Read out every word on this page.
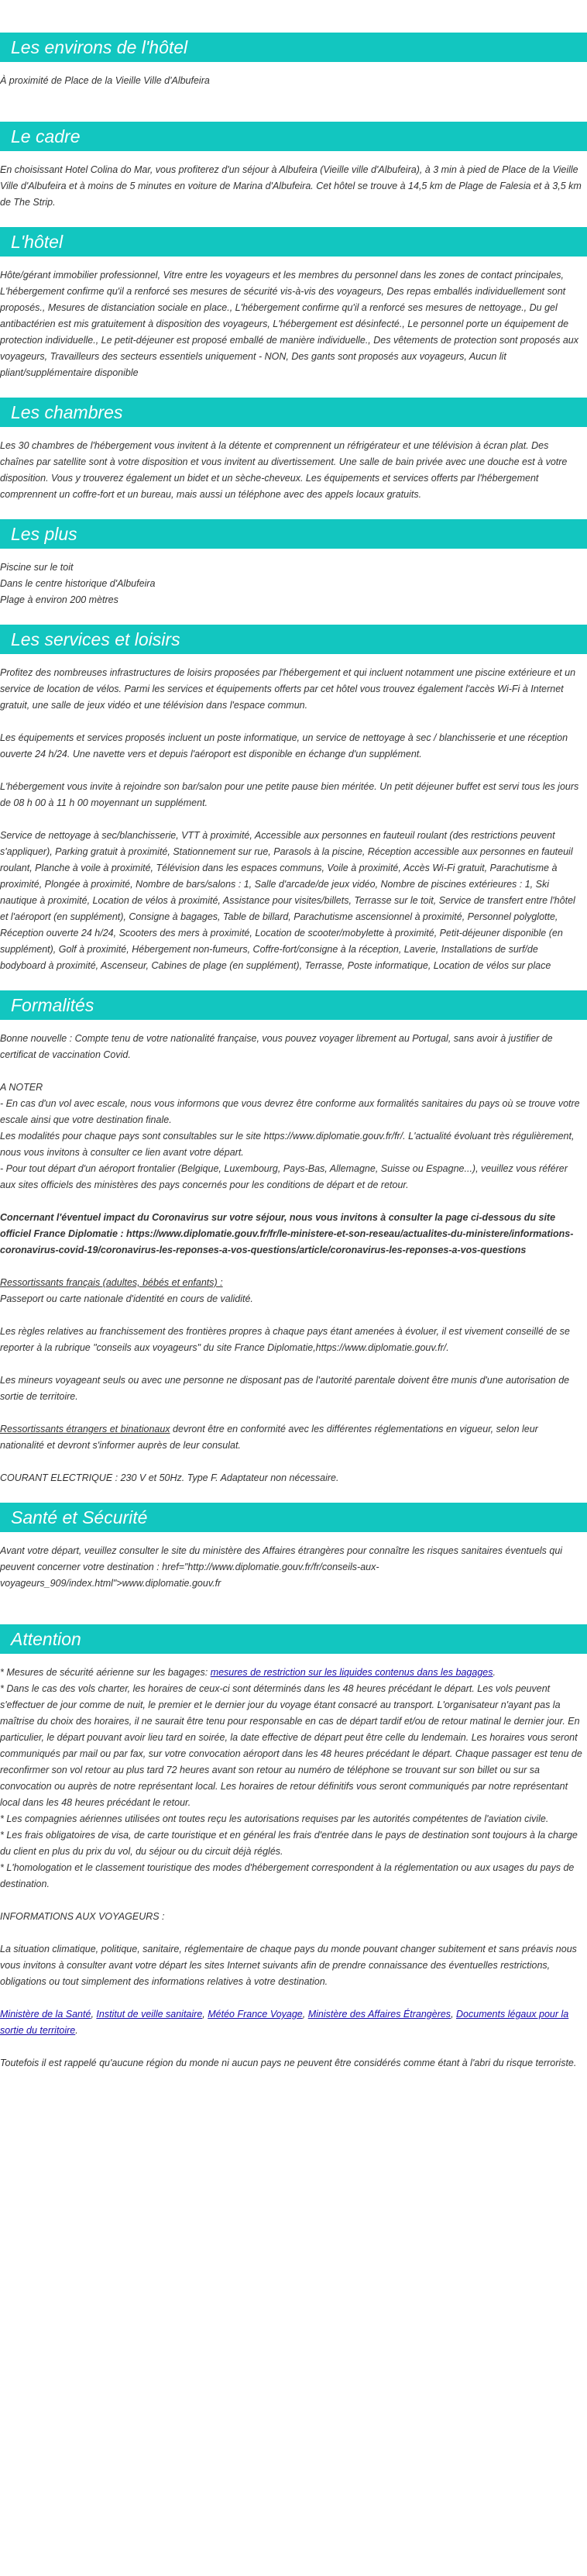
Les environs de l'hôtel

À proximité de Place de la Vieille Ville d'Albufeira

Le cadre

En choisissant Hotel Colina do Mar, vous profiterez d'un séjour à Albufeira (Vieille ville d'Albufeira), à 3 min à pied de Place de la Vieille Ville d'Albufeira et à moins de 5 minutes en voiture de Marina d'Albufeira. Cet hôtel se trouve à 14,5 km de Plage de Falesia et à 3,5 km de The Strip.

L'hôtel

Hôte/gérant immobilier professionnel, Vitre entre les voyageurs et les membres du personnel dans les zones de contact principales, L'hébergement confirme qu'il a renforcé ses mesures de sécurité vis-à-vis des voyageurs, Des repas emballés individuellement sont proposés., Mesures de distanciation sociale en place., L'hébergement confirme qu'il a renforcé ses mesures de nettoyage., Du gel antibactérien est mis gratuitement à disposition des voyageurs, L'hébergement est désinfecté., Le personnel porte un équipement de protection individuelle., Le petit-déjeuner est proposé emballé de manière individuelle., Des vêtements de protection sont proposés aux voyageurs, Travailleurs des secteurs essentiels uniquement - NON, Des gants sont proposés aux voyageurs, Aucun lit pliant/supplémentaire disponible

Les chambres

Les 30 chambres de l'hébergement vous invitent à la détente et comprennent un réfrigérateur et une télévision à écran plat. Des chaînes par satellite sont à votre disposition et vous invitent au divertissement. Une salle de bain privée avec une douche est à votre disposition. Vous y trouverez également un bidet et un sèche-cheveux. Les équipements et services offerts par l'hébergement comprennent un coffre-fort et un bureau, mais aussi un téléphone avec des appels locaux gratuits.

Les plus

Piscine sur le toit

Dans le centre historique d'Albufeira

Plage à environ 200 mètres

Les services et loisirs

Profitez des nombreuses infrastructures de loisirs proposées par l'hébergement et qui incluent notamment une piscine extérieure et un service de location de vélos. Parmi les services et équipements offerts par cet hôtel vous trouvez également l'accès Wi-Fi à Internet gratuit, une salle de jeux vidéo et une télévision dans l'espace commun.

Les équipements et services proposés incluent un poste informatique, un service de nettoyage à sec / blanchisserie et une réception ouverte 24 h/24. Une navette vers et depuis l'aéroport est disponible en échange d'un supplément.

L'hébergement vous invite à rejoindre son bar/salon pour une petite pause bien méritée. Un petit déjeuner buffet est servi tous les jours de 08 h 00 à 11 h 00 moyennant un supplément.

Service de nettoyage à sec/blanchisserie, VTT à proximité, Accessible aux personnes en fauteuil roulant (des restrictions peuvent s'appliquer), Parking gratuit à proximité, Stationnement sur rue, Parasols à la piscine, Réception accessible aux personnes en fauteuil roulant, Planche à voile à proximité, Télévision dans les espaces communs, Voile à proximité, Accès Wi-Fi gratuit, Parachutisme à proximité, Plongée à proximité, Nombre de bars/salons : 1, Salle d'arcade/de jeux vidéo, Nombre de piscines extérieures : 1, Ski nautique à proximité, Location de vélos à proximité, Assistance pour visites/billets, Terrasse sur le toit, Service de transfert entre l'hôtel et l'aéroport (en supplément), Consigne à bagages, Table de billard, Parachutisme ascensionnel à proximité, Personnel polyglotte, Réception ouverte 24 h/24, Scooters des mers à proximité, Location de scooter/mobylette à proximité, Petit-déjeuner disponible (en supplément), Golf à proximité, Hébergement non-fumeurs, Coffre-fort/consigne à la réception, Laverie, Installations de surf/de bodyboard à proximité, Ascenseur, Cabines de plage (en supplément), Terrasse, Poste informatique, Location de vélos sur place

Formalités

Bonne nouvelle : Compte tenu de votre nationalité française, vous pouvez voyager librement au Portugal, sans avoir à justifier de certificat de vaccination Covid.

A NOTER

- En cas d'un vol avec escale, nous vous informons que vous devrez être conforme aux formalités sanitaires du pays où se trouve votre escale ainsi que votre destination finale.

Les modalités pour chaque pays sont consultables sur le site https://www.diplomatie.gouv.fr/fr/. L'actualité évoluant très régulièrement, nous vous invitons à consulter ce lien avant votre départ.

- Pour tout départ d'un aéroport frontalier (Belgique, Luxembourg, Pays-Bas, Allemagne, Suisse ou Espagne...), veuillez vous référer aux sites officiels des ministères des pays concernés pour les conditions de départ et de retour.

Concernant l'éventuel impact du Coronavirus sur votre séjour, nous vous invitons à consulter la page ci-dessous du site officiel France Diplomatie : https://www.diplomatie.gouv.fr/fr/le-ministere-et-son-reseau/actualites-du-ministere/informations-coronavirus-covid-19/coronavirus-les-reponses-a-vos-questions/article/coronavirus-les-reponses-a-vos-questions

Ressortissants français (adultes, bébés et enfants) :

Passeport ou carte nationale d'identité en cours de validité.

Les règles relatives au franchissement des frontières propres à chaque pays étant amenées à évoluer, il est vivement conseillé de se reporter à la rubrique "conseils aux voyageurs" du site France Diplomatie,https://www.diplomatie.gouv.fr/.

Les mineurs voyageant seuls ou avec une personne ne disposant pas de l'autorité parentale doivent être munis d'une autorisation de sortie de territoire.

Ressortissants étrangers et binationaux devront être en conformité avec les différentes réglementations en vigueur, selon leur nationalité et devront s'informer auprès de leur consulat.

COURANT ELECTRIQUE : 230 V et 50Hz. Type F. Adaptateur non nécessaire.

Santé et Sécurité

Avant votre départ, veuillez consulter le site du ministère des Affaires étrangères pour connaître les risques sanitaires éventuels qui peuvent concerner votre destination : href="http://www.diplomatie.gouv.fr/fr/conseils-aux-voyageurs_909/index.html">www.diplomatie.gouv.fr

Attention

* Mesures de sécurité aérienne sur les bagages: mesures de restriction sur les liquides contenus dans les bagages.

* Dans le cas des vols charter, les horaires de ceux-ci sont déterminés dans les 48 heures précédant le départ. Les vols peuvent s'effectuer de jour comme de nuit, le premier et le dernier jour du voyage étant consacré au transport. L'organisateur n'ayant pas la maîtrise du choix des horaires, il ne saurait être tenu pour responsable en cas de départ tardif et/ou de retour matinal le dernier jour. En particulier, le départ pouvant avoir lieu tard en soirée, la date effective de départ peut être celle du lendemain. Les horaires vous seront communiqués par mail ou par fax, sur votre convocation aéroport dans les 48 heures précédant le départ. Chaque passager est tenu de reconfirmer son vol retour au plus tard 72 heures avant son retour au numéro de téléphone se trouvant sur son billet ou sur sa convocation ou auprès de notre représentant local. Les horaires de retour définitifs vous seront communiqués par notre représentant local dans les 48 heures précédant le retour.

* Les compagnies aériennes utilisées ont toutes reçu les autorisations requises par les autorités compétentes de l'aviation civile.

* Les frais obligatoires de visa, de carte touristique et en général les frais d'entrée dans le pays de destination sont toujours à la charge du client en plus du prix du vol, du séjour ou du circuit déjà réglés.

* L'homologation et le classement touristique des modes d'hébergement correspondent à la réglementation ou aux usages du pays de destination.

INFORMATIONS AUX VOYAGEURS :

La situation climatique, politique, sanitaire, réglementaire de chaque pays du monde pouvant changer subitement et sans préavis nous vous invitons à consulter avant votre départ les sites Internet suivants afin de prendre connaissance des éventuelles restrictions, obligations ou tout simplement des informations relatives à votre destination.

Ministère de la Santé, Institut de veille sanitaire, Météo France Voyage, Ministère des Affaires Étrangères, Documents légaux pour la sortie du territoire.

Toutefois il est rappelé qu'aucune région du monde ni aucun pays ne peuvent être considérés comme étant à l'abri du risque terroriste.
